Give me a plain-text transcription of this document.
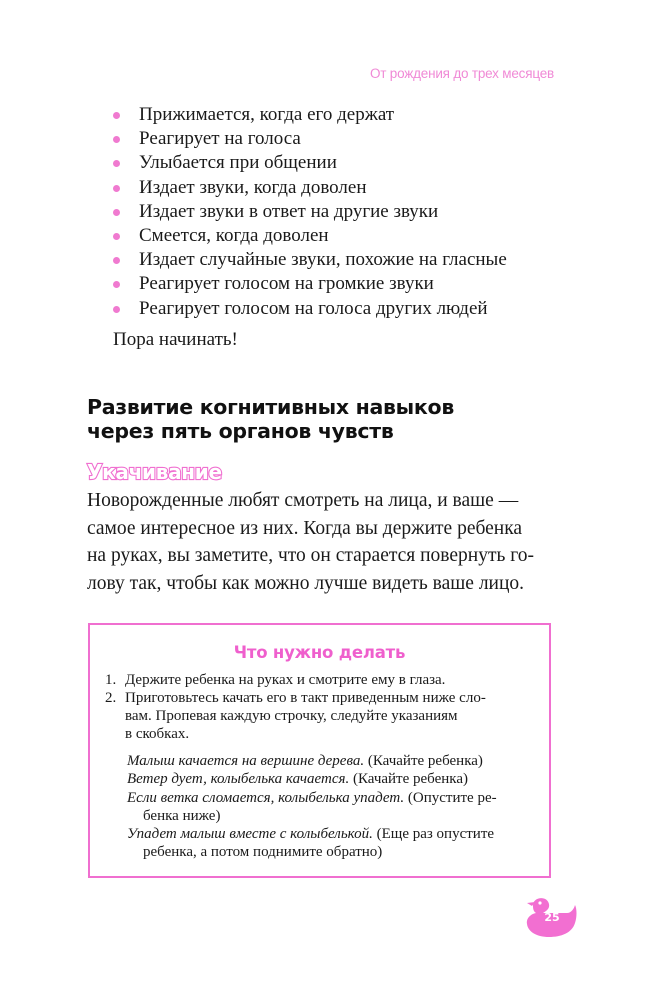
От рождения до трех месяцев
Прижимается, когда его держат
Реагирует на голоса
Улыбается при общении
Издает звуки, когда доволен
Издает звуки в ответ на другие звуки
Смеется, когда доволен
Издает случайные звуки, похожие на гласные
Реагирует голосом на громкие звуки
Реагирует голосом на голоса других людей
Пора начинать!
Развитие когнитивных навыков
через пять органов чувств
Укачивание
Новорожденные любят смотреть на лица, и ваше —
самое интересное из них. Когда вы держите ребенка
на руках, вы заметите, что он старается повернуть го-
лову так, чтобы как можно лучше видеть ваше лицо.
Что нужно делать
1. Держите ребенка на руках и смотрите ему в глаза.
2. Приготовьтесь качать его в такт приведенным ниже сло-
вам. Пропевая каждую строчку, следуйте указаниям
в скобках.
Малыш качается на вершине дерева. (Качайте ребенка)
Ветер дует, колыбелька качается. (Качайте ребенка)
Если ветка сломается, колыбелька упадет. (Опустите ре-
бенка ниже)
Упадет малыш вместе с колыбелькой. (Еще раз опустите
ребенка, а потом поднимите обратно)
25
